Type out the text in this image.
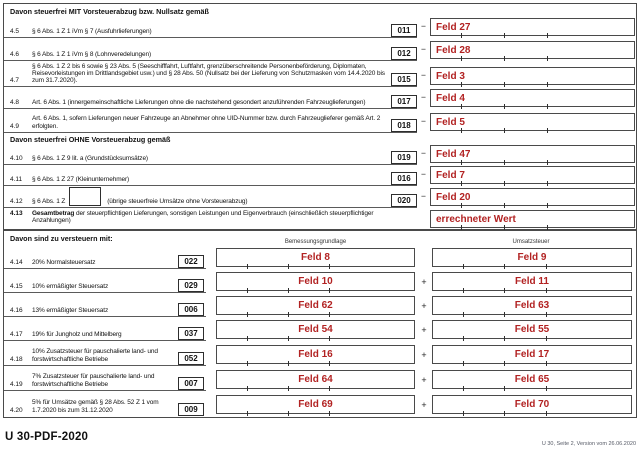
Davon steuerfrei MIT Vorsteuerabzug bzw. Nullsatz gemäß
4.5	§ 6 Abs. 1 Z 1 iVm § 7 (Ausfuhrlieferungen)	011	−	Feld 27
4.6	§ 6 Abs. 1 Z 1 iVm § 8 (Lohnveredelungen)	012	−	Feld 28
4.7
§ 6 Abs. 1 Z 2 bis 6 sowie § 23 Abs. 5 (Seeschifffahrt, Luftfahrt, grenzüberschreitende Personenbeförderung, Diplomaten, Reisevorleistungen im Drittlandsgebiet usw.) und § 28 Abs. 50 (Nullsatz bei der Lieferung von Schutzmasken vom 14.4.2020 bis zum 31.7.2020).	015	−	Feld 3
4.8	Art. 6 Abs. 1 (innergemeinschaftliche Lieferungen ohne die nachstehend gesondert anzuführenden Fahrzeuglieferungen)	017	−	Feld 4
4.9
Art. 6 Abs. 1, sofern Lieferungen neuer Fahrzeuge an Abnehmer ohne UID-Nummer bzw. durch Fahrzeuglieferer gemäß Art. 2 erfolgten.	018	−	Feld 5
Davon steuerfrei OHNE Vorsteuerabzug gemäß
4.10	§ 6 Abs. 1 Z 9 lit. a (Grundstücksumsätze)	019	−	Feld 47
4.11	§ 6 Abs. 1 Z 27 (Kleinunternehmer)	016	−	Feld 7
4.12	§ 6 Abs. 1 Z	(übrige steuerfreie Umsätze ohne Vorsteuerabzug)	020	−	Feld 20
4.13	Gesamtbetrag der steuerpflichtigen Lieferungen, sonstigen Leistungen und Eigenverbrauch (einschließlich steuerpflichtiger Anzahlungen)	errechneter Wert
Davon sind zu versteuern mit:	Bemessungsgrundlage	Umsatzsteuer
4.14	20% Normalsteuersatz	022	Feld 8	Feld 9
4.15	10% ermäßigter Steuersatz	029	Feld 10	+	Feld 11
4.16	13% ermäßigter Steuersatz	006	Feld 62	+	Feld 63
4.17	19% für Jungholz und Mittelberg	037	Feld 54	+	Feld 55
4.18
10% Zusatzsteuer für pauschalierte land- und forstwirtschaftliche Betriebe	052	Feld 16	+	Feld 17
4.19
7% Zusatzsteuer für pauschalierte land- und forstwirtschaftliche Betriebe	007	Feld 64	+	Feld 65
4.20
5% für Umsätze gemäß § 28 Abs. 52 Z 1 vom 1.7.2020 bis zum 31.12.2020	009	Feld 69	+	Feld 70
U 30-PDF-2020
U 30, Seite 2, Version vom 26.06.2020
